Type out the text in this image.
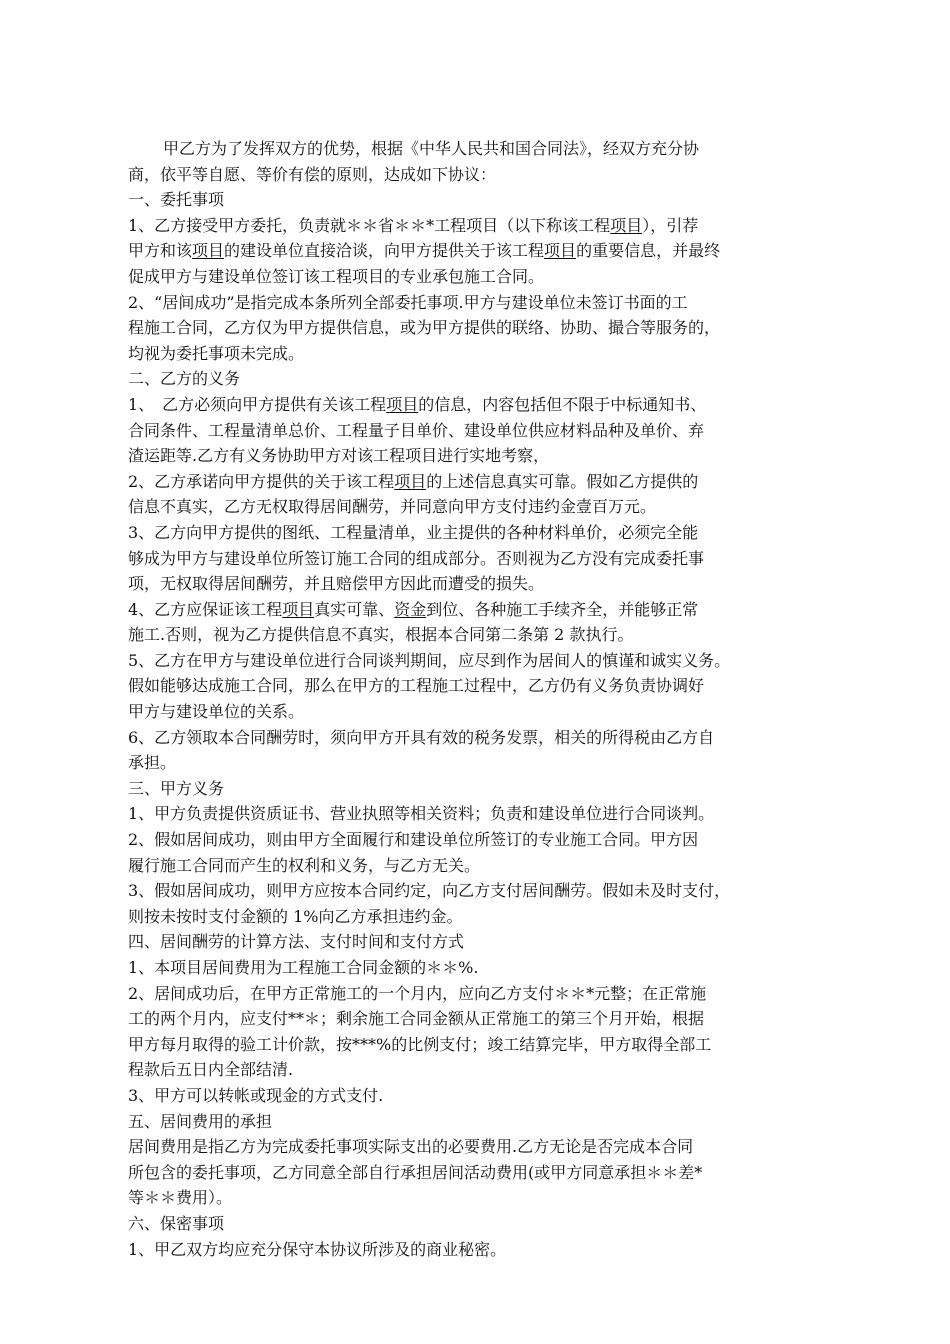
甲乙方为了发挥双方的优势，根据《中华人民共和国合同法》，经双方充分协
商，依平等自愿、等价有偿的原则，达成如下协议：
一、委托事项
1、乙方接受甲方委托，负责就＊＊省＊＊*工程项目（以下称该工程项目），引荐
甲方和该项目的建设单位直接洽谈，向甲方提供关于该工程项目的重要信息，并最终
促成甲方与建设单位签订该工程项目的专业承包施工合同。
2、“居间成功”是指完成本条所列全部委托事项.甲方与建设单位未签订书面的工
程施工合同，乙方仅为甲方提供信息，或为甲方提供的联络、协助、撮合等服务的，
均视为委托事项未完成。
二、乙方的义务
1、　乙方必须向甲方提供有关该工程项目的信息，内容包括但不限于中标通知书、
合同条件、工程量清单总价、工程量子目单价、建设单位供应材料品种及单价、弃
渣运距等.乙方有义务协助甲方对该工程项目进行实地考察，
2、乙方承诺向甲方提供的关于该工程项目的上述信息真实可靠。假如乙方提供的
信息不真实，乙方无权取得居间酬劳，并同意向甲方支付违约金壹百万元。
3、乙方向甲方提供的图纸、工程量清单，业主提供的各种材料单价，必须完全能
够成为甲方与建设单位所签订施工合同的组成部分。否则视为乙方没有完成委托事
项，无权取得居间酬劳，并且赔偿甲方因此而遭受的损失。
4、乙方应保证该工程项目真实可靠、资金到位、各种施工手续齐全，并能够正常
施工.否则，视为乙方提供信息不真实，根据本合同第二条第 2 款执行。
5、乙方在甲方与建设单位进行合同谈判期间，应尽到作为居间人的慎谨和诚实义务。
假如能够达成施工合同，那么在甲方的工程施工过程中，乙方仍有义务负责协调好
甲方与建设单位的关系。
6、乙方领取本合同酬劳时，须向甲方开具有效的税务发票，相关的所得税由乙方自
承担。
三、甲方义务
1、甲方负责提供资质证书、营业执照等相关资料；负责和建设单位进行合同谈判。
2、假如居间成功，则由甲方全面履行和建设单位所签订的专业施工合同。甲方因
履行施工合同而产生的权利和义务，与乙方无关。
3、假如居间成功，则甲方应按本合同约定，向乙方支付居间酬劳。假如未及时支付，
则按未按时支付金额的 1%向乙方承担违约金。
四、居间酬劳的计算方法、支付时间和支付方式
1、本项目居间费用为工程施工合同金额的＊＊%.
2、居间成功后，在甲方正常施工的一个月内，应向乙方支付＊＊*元整；在正常施
工的两个月内，应支付**＊；剩余施工合同金额从正常施工的第三个月开始，根据
甲方每月取得的验工计价款，按***%的比例支付；竣工结算完毕，甲方取得全部工
程款后五日内全部结清.
3、甲方可以转帐或现金的方式支付.
五、居间费用的承担
居间费用是指乙方为完成委托事项实际支出的必要费用.乙方无论是否完成本合同
所包含的委托事项，乙方同意全部自行承担居间活动费用(或甲方同意承担＊＊差*
等＊＊费用）。
六、保密事项
1、甲乙双方均应充分保守本协议所涉及的商业秘密。
